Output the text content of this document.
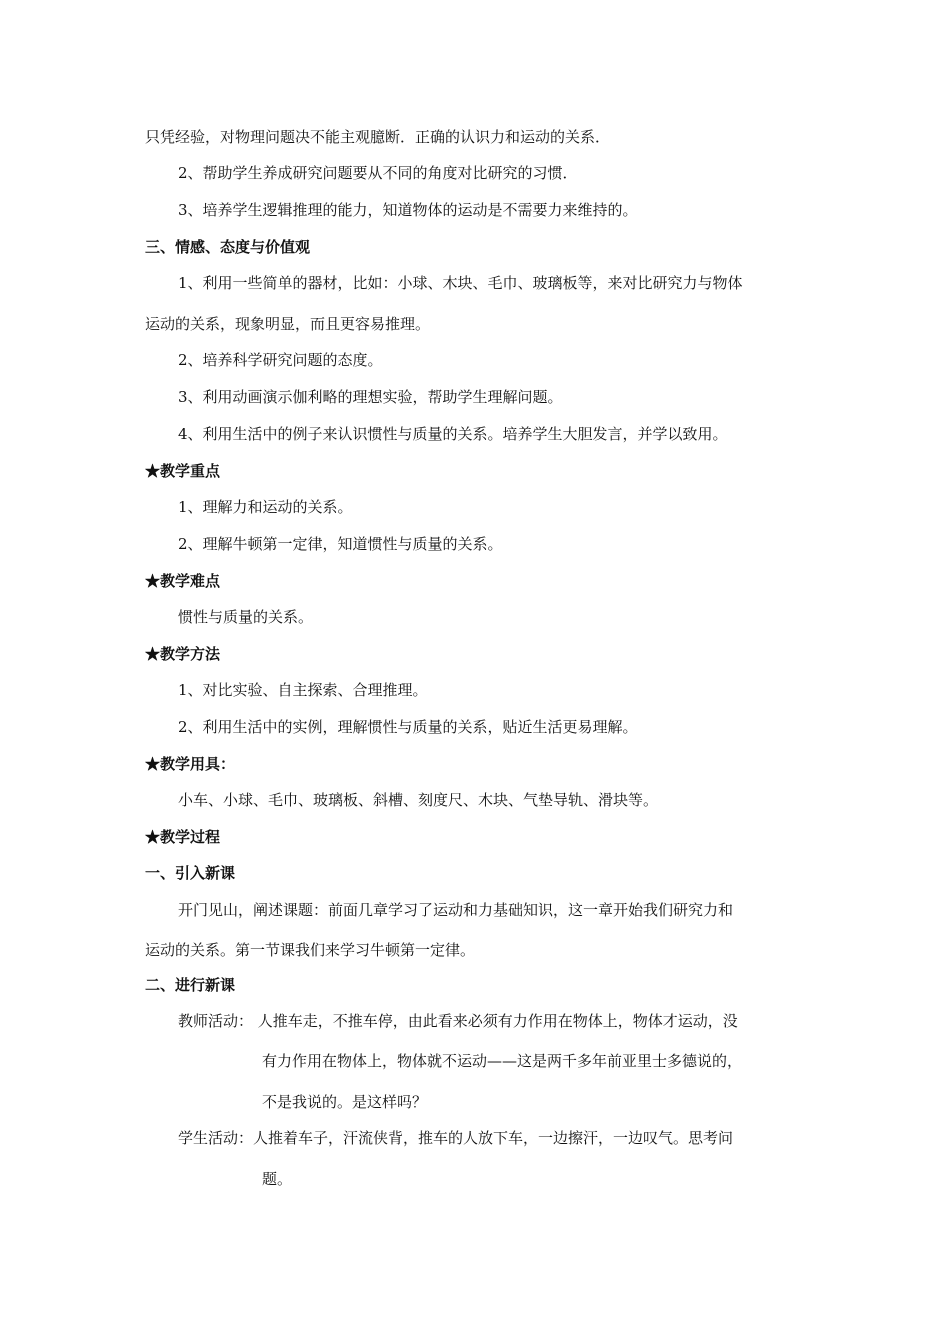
只凭经验，对物理问题决不能主观臆断．正确的认识力和运动的关系．
2、帮助学生养成研究问题要从不同的角度对比研究的习惯．
3、培养学生逻辑推理的能力，知道物体的运动是不需要力来维持的。
三、情感、态度与价值观
1、利用一些简单的器材，比如：小球、木块、毛巾、玻璃板等，来对比研究力与物体
运动的关系，现象明显，而且更容易推理。
2、培养科学研究问题的态度。
3、利用动画演示伽利略的理想实验，帮助学生理解问题。
4、利用生活中的例子来认识惯性与质量的关系。培养学生大胆发言，并学以致用。
★教学重点
1、理解力和运动的关系。
2、理解牛顿第一定律，知道惯性与质量的关系。
★教学难点
惯性与质量的关系。
★教学方法
1、对比实验、自主探索、合理推理。
2、利用生活中的实例，理解惯性与质量的关系，贴近生活更易理解。
★教学用具：
小车、小球、毛巾、玻璃板、斜槽、刻度尺、木块、气垫导轨、滑块等。
★教学过程
一、引入新课
开门见山，阐述课题：前面几章学习了运动和力基础知识，这一章开始我们研究力和
运动的关系。第一节课我们来学习牛顿第一定律。
二、进行新课
教师活动： 人推车走，不推车停，由此看来必须有力作用在物体上，物体才运动，没
有力作用在物体上，物体就不运动——这是两千多年前亚里士多德说的，
不是我说的。是这样吗？
学生活动：人推着车子，汗流侠背，推车的人放下车，一边擦汗，一边叹气。思考问
题。
